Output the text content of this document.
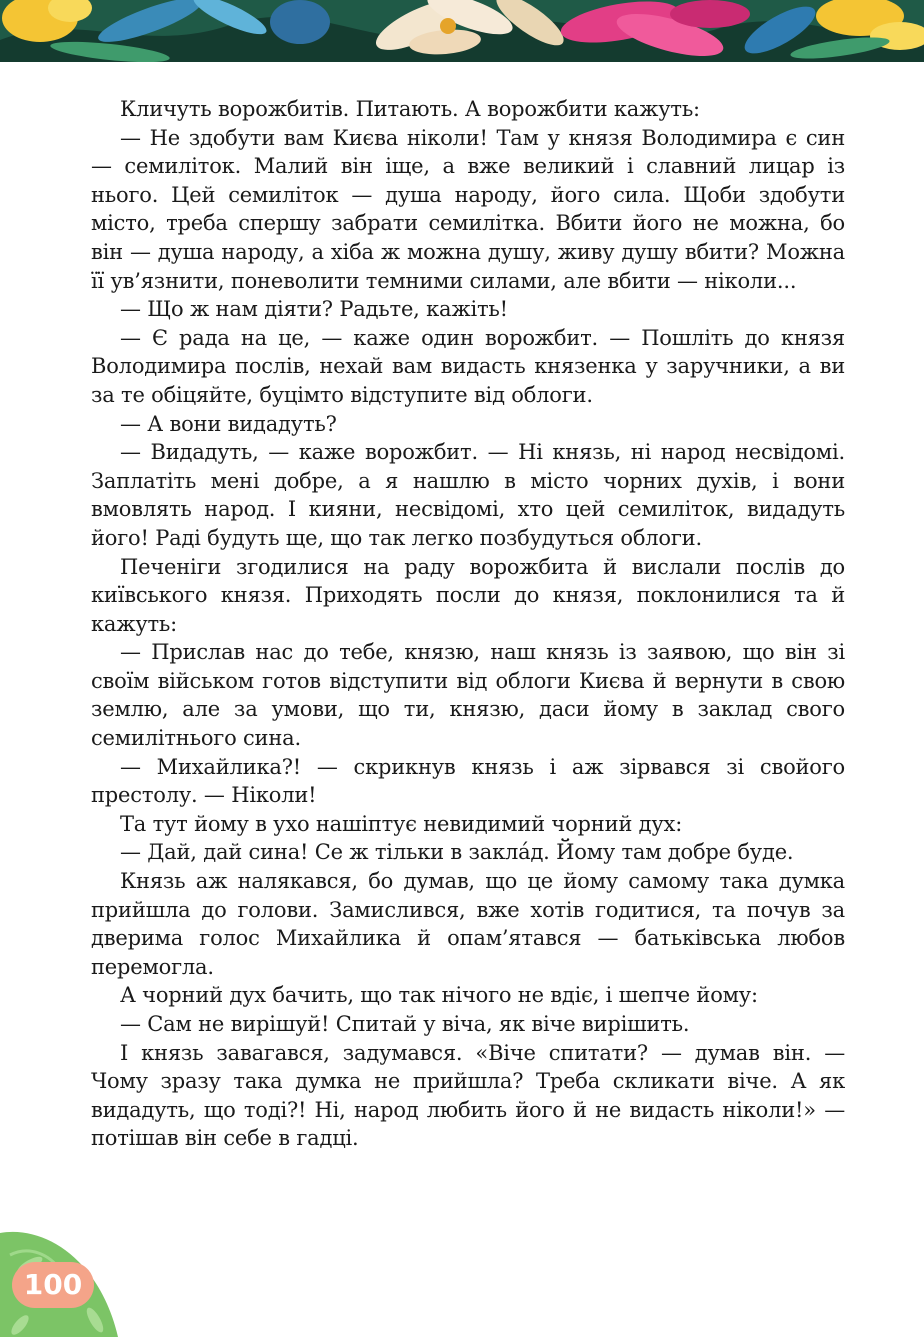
Кличуть ворожбитів. Питають. А ворожбити кажуть:

— Не здобути вам Києва ніколи! Там у князя Володимира є син — семиліток. Малий він іще, а вже великий і славний лицар із нього. Цей семиліток — душа народу, його сила. Щоби здобути місто, треба спершу забрати семилітка. Вбити його не можна, бо він — душа народу, а хіба ж можна душу, живу душу вбити? Можна її ув’язнити, поневолити темними силами, але вбити — ніколи...

— Що ж нам діяти? Радьте, кажіть!

— Є рада на це, — каже один ворожбит. — Пошліть до князя Володимира послів, нехай вам видасть князенка у заручники, а ви за те обіцяйте, буцімто відступите від облоги.

— А вони видадуть?

— Видадуть, — каже ворожбит. — Ні князь, ні народ несвідомі. Заплатіть мені добре, а я нашлю в місто чорних духів, і вони вмовлять народ. І кияни, несвідомі, хто цей семиліток, видадуть його! Раді будуть ще, що так легко позбудуться облоги.

Печеніги згодилися на раду ворожбита й вислали послів до київського князя. Приходять посли до князя, поклонилися та й кажуть:

— Прислав нас до тебе, князю, наш князь із заявою, що він зі своїм військом готов відступити від облоги Києва й вернути в свою землю, але за умови, що ти, князю, даси йому в заклад свого семилітнього сина.

— Михайлика?! — скрикнув князь і аж зірвався зі свойого престолу. — Ніколи!

Та тут йому в ухо нашіптує невидимий чорний дух:

— Дай, дай сина! Се ж тільки в закла́д. Йому там добре буде.

Князь аж налякався, бо думав, що це йому самому така думка прийшла до голови. Замислився, вже хотів годитися, та почув за дверима голос Михайлика й опам’ятався — батьківська любов перемогла.

А чорний дух бачить, що так нічого не вдіє, і шепче йому:

— Сам не вирішуй! Спитай у віча, як віче вирішить.

І князь завагався, задумався. «Віче спитати? — думав він. — Чому зразу така думка не прийшла? Треба скликати віче. А як видадуть, що тоді?! Ні, народ любить його й не видасть ніколи!» — потішав він себе в гадці.

100
